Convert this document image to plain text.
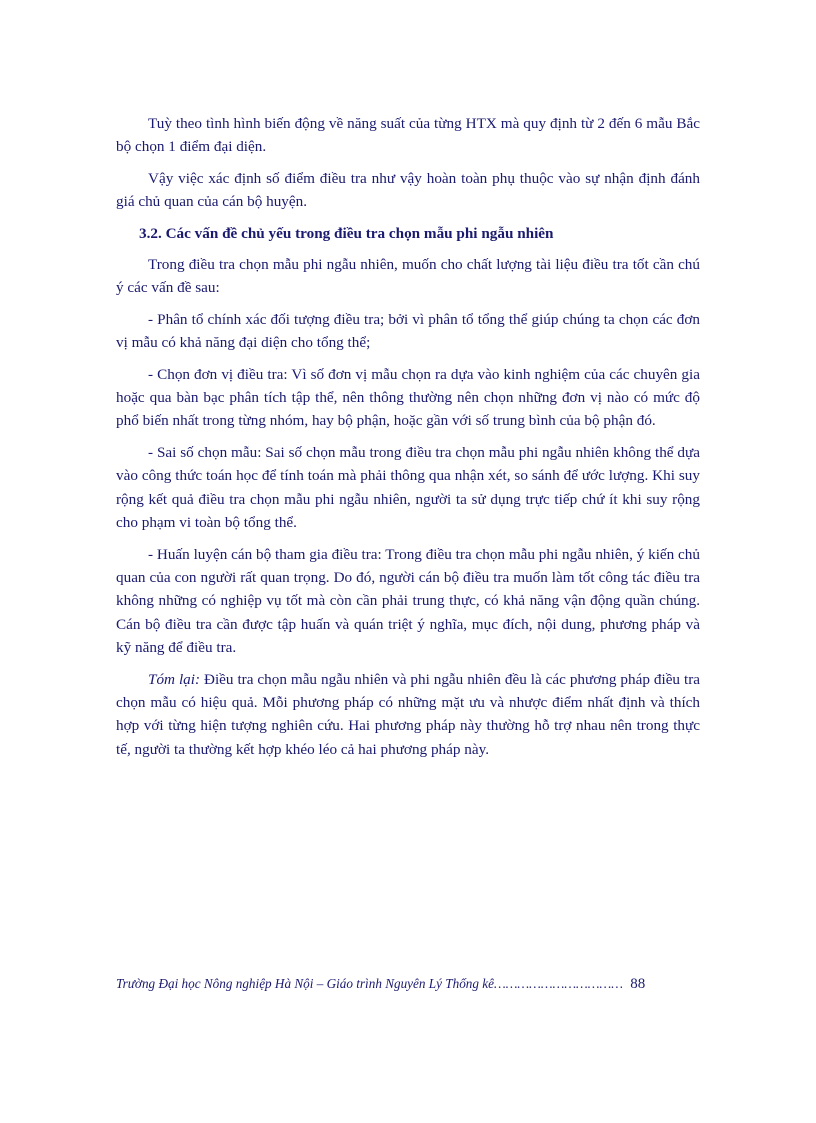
Tuỳ theo tình hình biến động về năng suất của từng HTX mà quy định từ 2 đến 6 mẫu Bắc bộ chọn 1 điểm đại diện.

Vậy việc xác định số điểm điều tra như vậy hoàn toàn phụ thuộc vào sự nhận định đánh giá chủ quan của cán bộ huyện.

3.2. Các vấn đề chủ yếu trong điều tra chọn mẫu phi ngẫu nhiên

Trong điều tra chọn mẫu phi ngẫu nhiên, muốn cho chất lượng tài liệu điều tra tốt cần chú ý các vấn đề sau:

- Phân tổ chính xác đối tượng điều tra; bởi vì phân tổ tổng thể giúp chúng ta chọn các đơn vị mẫu có khả năng đại diện cho tổng thể;

- Chọn đơn vị điều tra: Vì số đơn vị mẫu chọn ra dựa vào kinh nghiệm của các chuyên gia hoặc qua bàn bạc phân tích tập thể, nên thông thường nên chọn những đơn vị nào có mức độ phổ biến nhất trong từng nhóm, hay bộ phận, hoặc gần với số trung bình của bộ phận đó.

- Sai số chọn mẫu: Sai số chọn mẫu trong điều tra chọn mẫu phi ngẫu nhiên không thể dựa vào công thức toán học để tính toán mà phải thông qua nhận xét, so sánh để ước lượng. Khi suy rộng kết quả điều tra chọn mẫu phi ngẫu nhiên, người ta sử dụng trực tiếp chứ ít khi suy rộng cho phạm vi toàn bộ tổng thể.

- Huấn luyện cán bộ tham gia điều tra: Trong điều tra chọn mẫu phi ngẫu nhiên, ý kiến chủ quan của con người rất quan trọng. Do đó, người cán bộ điều tra muốn làm tốt công tác điều tra không những có nghiệp vụ tốt mà còn cần phải trung thực, có khả năng vận động quần chúng. Cán bộ điều tra cần được tập huấn và quán triệt ý nghĩa, mục đích, nội dung, phương pháp và kỹ năng để điều tra.

Tóm lại: Điều tra chọn mẫu ngẫu nhiên và phi ngẫu nhiên đều là các phương pháp điều tra chọn mẫu có hiệu quả. Mỗi phương pháp có những mặt ưu và nhược điểm nhất định và thích hợp với từng hiện tượng nghiên cứu. Hai phương pháp này thường hỗ trợ nhau nên trong thực tế, người ta thường kết hợp khéo léo cả hai phương pháp này.

Trường Đại học Nông nghiệp Hà Nội – Giáo trình Nguyên Lý Thống kê…………………………… 88
